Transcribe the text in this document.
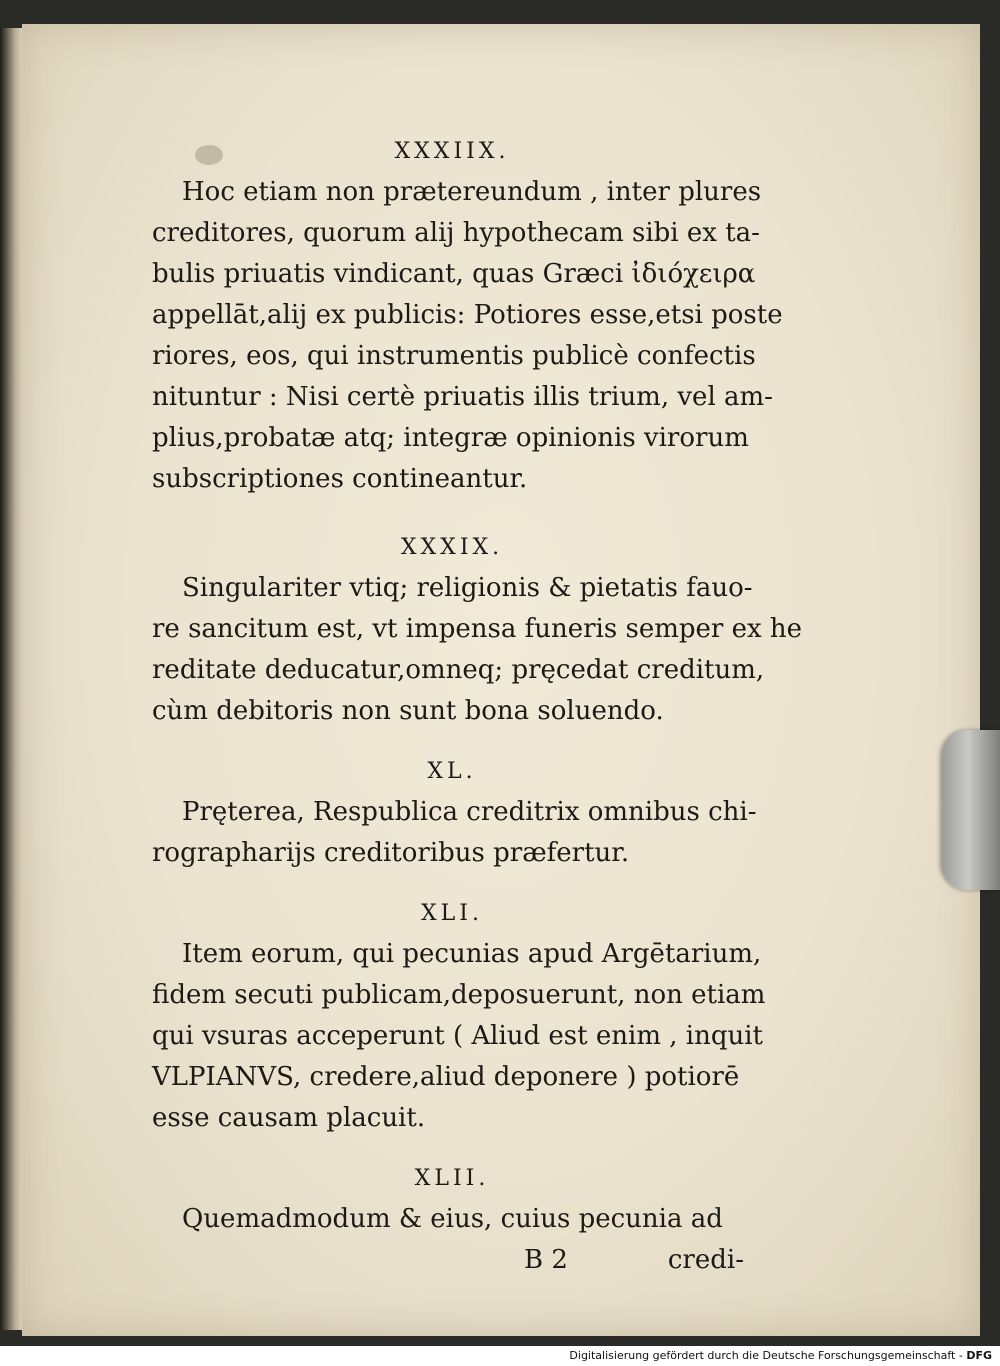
XXXIIX.
Hoc etiam non prætereundum , inter plures
creditores, quorum alij hypothecam sibi ex ta-
bulis priuatis vindicant, quas Græci ἰδιόχειρα
appellāt,alij ex publicis: Potiores esse,etsi poste
riores, eos, qui instrumentis publicè confectis
nituntur : Nisi certè priuatis illis trium, vel am-
plius,probatæ atq; integræ opinionis virorum
subscriptiones contineantur.
XXXIX.
Singulariter vtiq; religionis & pietatis fauo-
re sancitum est, vt impensa funeris semper ex he
reditate deducatur,omneq; pręcedat creditum,
cùm debitoris non sunt bona soluendo.
XL.
Pręterea, Respublica creditrix omnibus chi-
rographarijs creditoribus præfertur.
XLI.
Item eorum, qui pecunias apud Argētarium,
fidem secuti publicam,deposuerunt, non etiam
qui vsuras acceperunt ( Aliud est enim , inquit
VLPIANVS, credere,aliud deponere ) potiorē
esse causam placuit.
XLII.
Quemadmodum & eius, cuius pecunia ad
B 2	credi-
Digitalisierung gefördert durch die Deutsche Forschungsgemeinschaft - DFG
